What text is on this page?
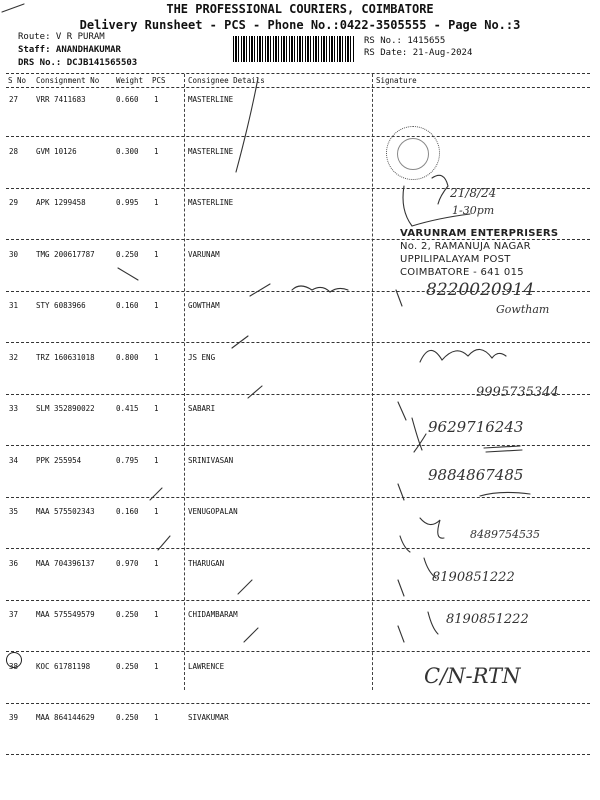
THE PROFESSIONAL COURIERS, COIMBATORE
Delivery Runsheet - PCS - Phone No.:0422-3505555 - Page No.:3
Route: V R PURAM
Staff: ANANDHAKUMAR
DRS No.: DCJB141565503
RS No.: 1415655
RS Date: 21-Aug-2024
S No Consignment No Weight PCS	Consignee Details	Signature
27 VRR 7411683	0.660 1	MASTERLINE
28 GVM 10126	0.300 1	MASTERLINE
29 APK 1299458	0.995 1	MASTERLINE
30 TMG 200617787	0.250 1	VARUNAM
31 STY 6083966	0.160 1	GOWTHAM
32 TRZ 160631018	0.800 1	JS ENG
33 SLM 352890022	0.415 1	SABARI
34 PPK 255954	0.795 1	SRINIVASAN
35 MAA 575502343	0.160 1	VENUGOPALAN
36 MAA 704396137	0.970 1	THARUGAN
37 MAA 575549579	0.250 1	CHIDAMBARAM
38 KOC 61781198	0.250 1	LAWRENCE
39 MAA 864144629	0.250 1	SIVAKUMAR
VARUNRAM ENTERPRISERS
No. 2, RAMANUJA NAGAR
UPPILIPALAYAM POST
COIMBATORE - 641 015
21/8/24
1-30pm
8220020914
Gowtham
9995735344
9629716243
9884867485
8489754535
8190851222
8190851222
C/N-RTN
